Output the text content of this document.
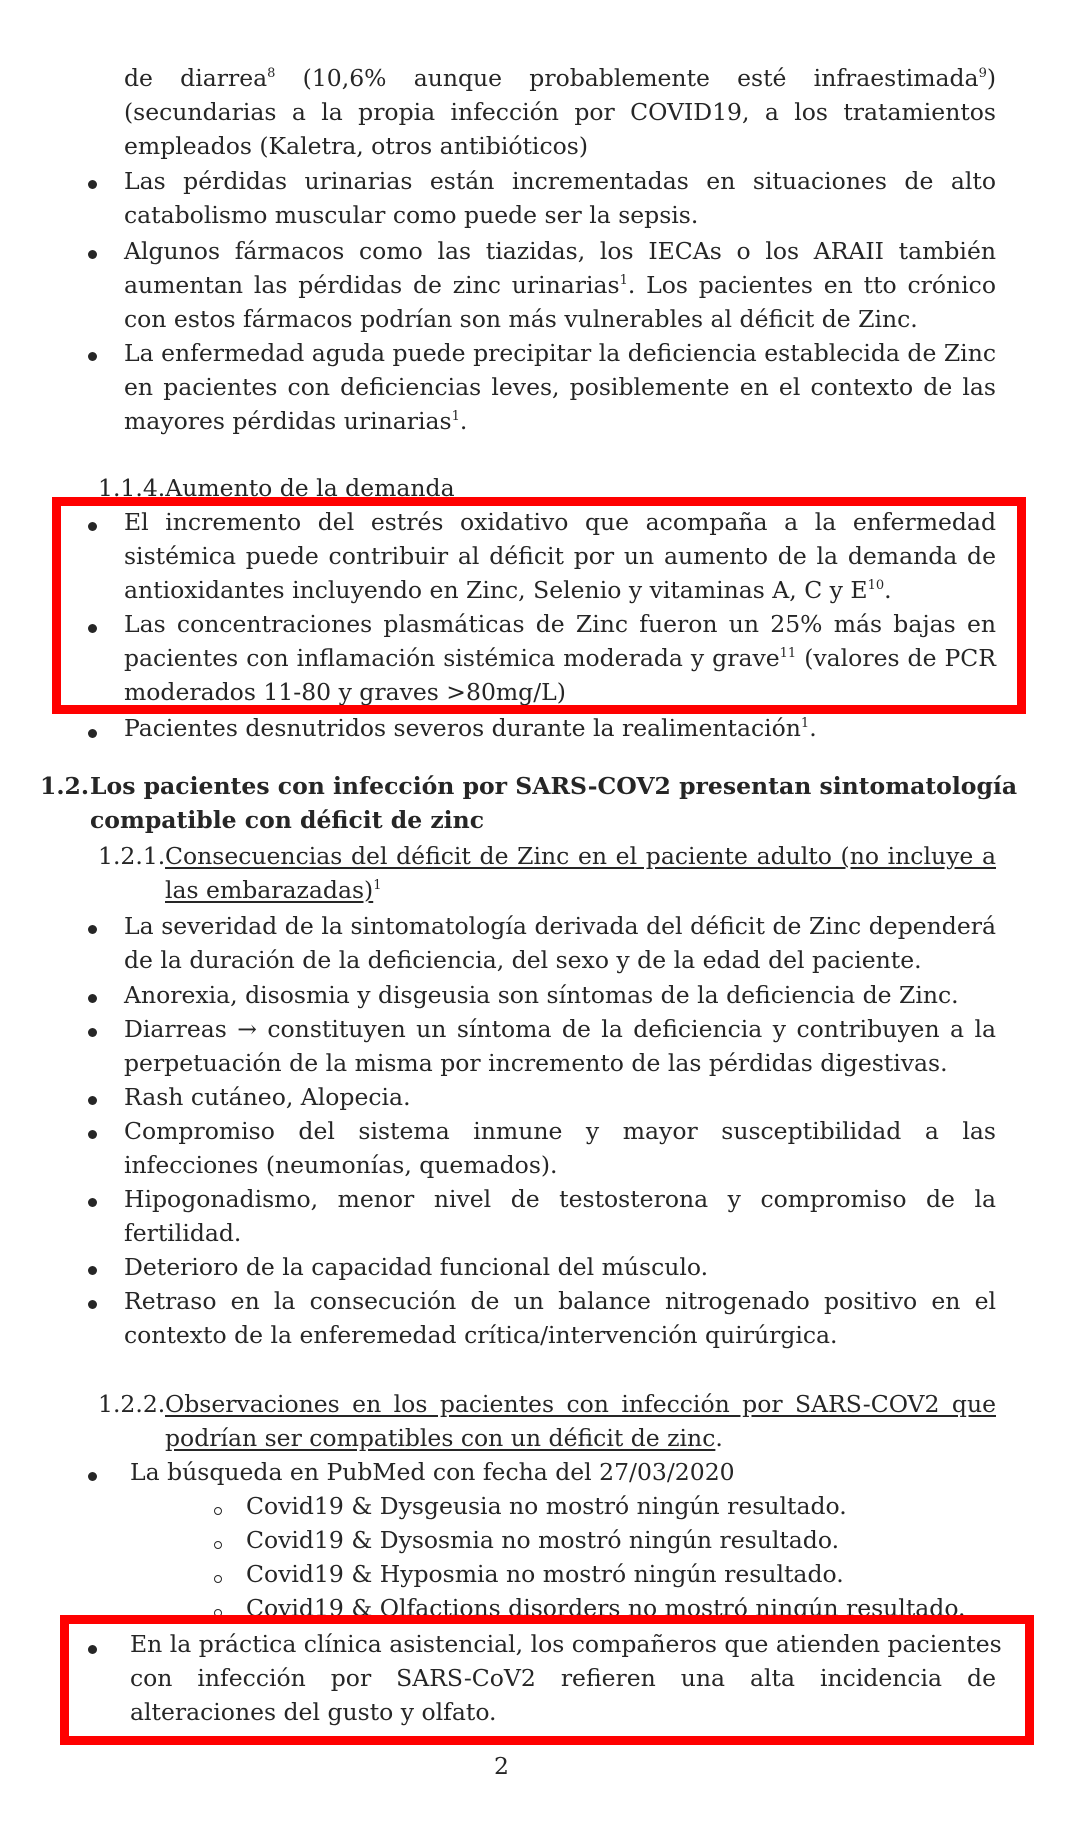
de diarrea$^8$ (10,6% aunque probablemente esté infraestimada$^9$)
(secundarias a la propia infección por COVID19, a los tratamientos
empleados (Kaletra, otros antibióticos)
Las pérdidas urinarias están incrementadas en situaciones de alto
catabolismo muscular como puede ser la sepsis.
Algunos fármacos como las tiazidas, los IECAs o los ARAII también
aumentan las pérdidas de zinc urinarias$^1$. Los pacientes en tto crónico
con estos fármacos podrían son más vulnerables al déficit de Zinc.
La enfermedad aguda puede precipitar la deficiencia establecida de Zinc
en pacientes con deficiencias leves, posiblemente en el contexto de las
mayores pérdidas urinarias$^1$.
1.1.4.Aumento de la demanda
El incremento del estrés oxidativo que acompaña a la enfermedad
sistémica puede contribuir al déficit por un aumento de la demanda de
antioxidantes incluyendo en Zinc, Selenio y vitaminas A, C y $E^{10}$.
Las concentraciones plasmáticas de Zinc fueron un 25% más bajas en
pacientes con inflamación sistémica moderada y grave$^{11}$ (valores de PCR
moderados 11-80 y graves >80mg/L)
Pacientes desnutridos severos durante la realimentación$^1$.
1.2. Los pacientes con infección por SARS-COV2 presentan sintomatología
compatible con déficit de zinc
1.2.1. Consecuencias del déficit de Zinc en el paciente adulto (no incluye a
las embarazadas)$^1$
La severidad de la sintomatología derivada del déficit de Zinc dependerá
de la duración de la deficiencia, del sexo y de la edad del paciente.
Anorexia, disosmia y disgeusia son síntomas de la deficiencia de Zinc.
Diarreas → constituyen un síntoma de la deficiencia y contribuyen a la
perpetuación de la misma por incremento de las pérdidas digestivas.
Rash cutáneo, Alopecia.
Compromiso del sistema inmune y mayor susceptibilidad a las
infecciones (neumonías, quemados).
Hipogonadismo, menor nivel de testosterona y compromiso de la
fertilidad.
Deterioro de la capacidad funcional del músculo.
Retraso en la consecución de un balance nitrogenado positivo en el
contexto de la enferemedad crítica/intervención quirúrgica.
1.2.2. Observaciones en los pacientes con infección por SARS-COV2 que
podrían ser compatibles con un déficit de zinc.
La búsqueda en PubMed con fecha del 27/03/2020
Covid19 & Dysgeusia no mostró ningún resultado.
Covid19 & Dysosmia no mostró ningún resultado.
Covid19 & Hyposmia no mostró ningún resultado.
Covid19 & Olfactions disorders no mostró ningún resultado.
En la práctica clínica asistencial, los compañeros que atienden pacientes
con infección por SARS-CoV2 refieren una alta incidencia de
alteraciones del gusto y olfato.
2
